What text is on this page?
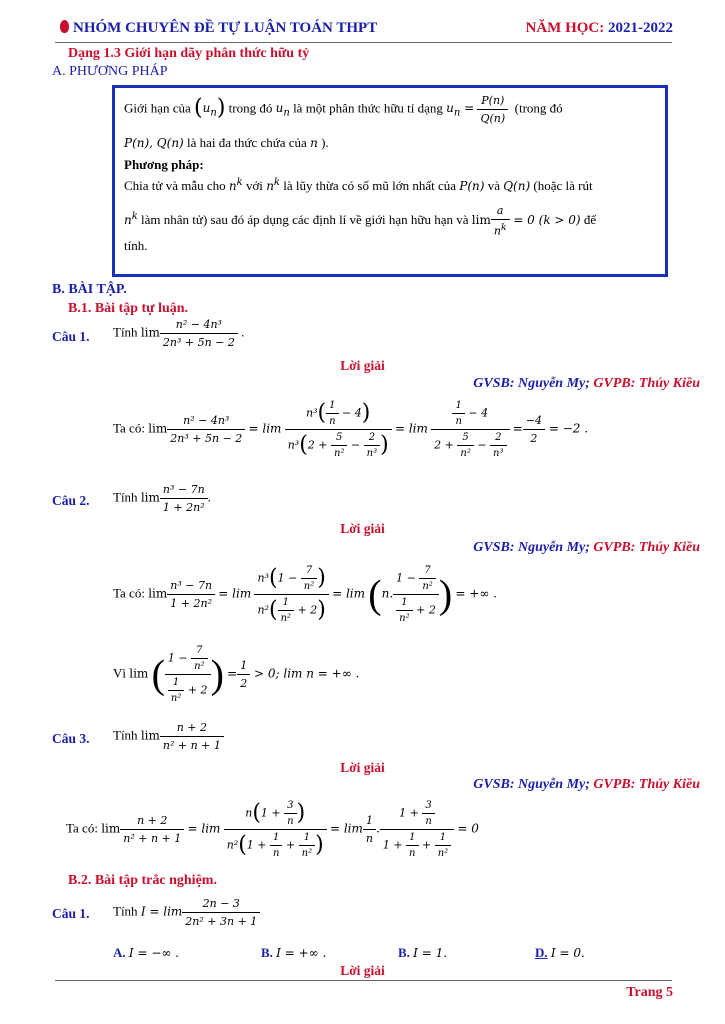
NHÓM CHUYÊN ĐỀ TỰ LUẬN TOÁN THPT	NĂM HỌC: 2021-2022
Dạng 1.3 Giới hạn dãy phân thức hữu tỷ
A. PHƯƠNG PHÁP
Giới hạn của $(u_n)$ trong đó $u_n$ là một phân thức hữu tỉ dạng $u_n = \frac{P(n)}{Q(n)}$ (trong đó
P(n), Q(n) là hai đa thức chứa của n ).
Phương pháp:
Chia tử và mẫu cho $n^k$ với $n^k$ là lũy thừa có số mũ lớn nhất của P(n) và Q(n) (hoặc là rút
$n^k$ làm nhân tử) sau đó áp dụng các định lí về giới hạn hữu hạn và $\lim \frac{a}{n^k} = 0$ (k > 0) để
tính.
B. BÀI TẬP.
B.1. Bài tập tự luận.
Câu 1. Tính $\lim \frac{\text{n² − 4n³}}{\text{2n³ + 5n − 2}}$ .
Lời giải
GVSB: Nguyễn My; GVPB: Thúy Kiều
Ta có: $\lim \frac{\text{n² − 4n³}}{\text{2n³ + 5n − 2}} = \lim \frac{n^3( \frac{1}{n} - 4)}{n^3(2 + \frac{5}{\text{n²}} - \frac{2}{\text{n³}} )} = \lim \frac{\frac{1}{n} - 4}{2 + \frac{5}{\text{n²}} - \frac{2}{\text{n³}}} = \frac{-4}{2} = -2$ .
Câu 2. Tính $\lim \frac{\text{n³ − 7n}}{\text{1 + 2n²}}$ .
Lời giải
GVSB: Nguyễn My; GVPB: Thúy Kiều
Ta có: $\lim \frac{\text{n³ − 7n}}{\text{1 + 2n²}} = \lim \frac{n^3(1 - \frac{7}{\text{n²}} )}{n^2( \frac{1}{\text{n²}} + 2)} = \lim (n$. $\frac{1 - \frac{7}{\text{n²}}}{\frac{1}{\text{n²}} + 2}$ ) = +∞ .
Vì lim ( $\frac{1 - \frac{7}{\text{n²}}}{\frac{1}{\text{n²}} + 2}$ ) = $\frac{1}{2} > 0$; lim n = +∞ .
Câu 3. Tính $\lim \frac{n + 2}{\text{n² + n + 1}}$
Lời giải
GVSB: Nguyễn My; GVPB: Thúy Kiều
Ta có: $\lim \frac{n + 2}{\text{n² + n + 1}} = \lim \frac{n(1 + \frac{3}{n} )}{n^2(1 + \frac{1}{n} + \frac{1}{\text{n²}} )} = \lim \frac{1}{n}$ . $\frac{1 + \frac{3}{n}}{1 + \frac{1}{n} + \frac{1}{\text{n²}}} = 0$
B.2. Bài tập trắc nghiệm.
Câu 1. Tính $I = \lim \frac{2n - 3}{\text{2n² + 3n + 1}}$
A. I = −∞ .	B. I = +∞ .	B. I = 1.	D. I = 0.
Lời giải
Trang 5
